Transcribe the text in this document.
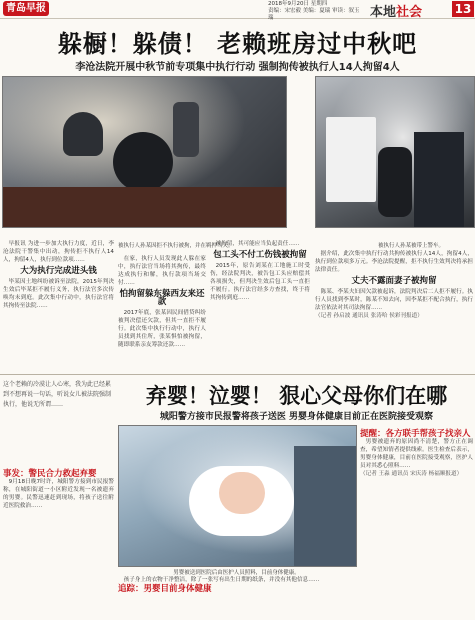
青岛早报	2018年9月20日 星期四
责编：宋宏毅 美编：夏瑞 审读：叙玉瑞	本地社会	13
躲橱！躲债！ 老赖班房过中秋吧
李沧法院开展中秋节前专项集中执行行动 强制拘传被执行人14人拘留4人
被执行人孙某因拒不执行被拘，并在羁押当天。	被执行人孙某被带上警车。

早报讯 为进一步加大执行力度，近日，李沧法院干警集中出动，拘传拒不执行人14人，拘留4人，执行到位款项……

大为执行完成进头钱

毕某因土地纠纷被诉至法院，2015年判决生效后毕某拒不履行义务，执行法官多次传唤均未到庭。此次集中行动中，执行法官将其拘传至法院……

在家，执行人员发现此人躲在家中，执行法官当场将其拘传，最终达成执行和解，执行款项当场交付……

怕拘留躲东躲西友来还款

2017年底，张某因民间借贷纠纷被判决偿还欠款，但其一直拒不履行。此次集中执行行动中，执行人员找到其住所，张某惧怕被拘留，随即联系亲友筹款还款……

被拘留，其可能应当负起责任……

包工头不付工伤钱被拘留

2015年，原告刘某在工地施工时受伤，经法院判决，被告包工头应赔偿其各项损失，但判决生效后包工头一直拒不履行。执行法官经多方查找，终于将其拘传到庭……

据介绍，此次集中执行行动共拘传被执行人14人，拘留4人，执行到位款项多万元。李沧法院提醒，拒不执行生效判决将承担法律责任。

丈夫不露面妻子被拘留

陈某、李某夫妇因欠款被起诉，法院判决后二人拒不履行。执行人员找到李某时，陈某不知去向，因李某拒不配合执行，执行法官依法对其司法拘留……

（记者 孙启波 通讯员 张涛哈 侯彩刊报道）
这个老赖的冷漠让人心寒，我为此已经累到不想再说一句话，听说女儿被法院强制执行，他说无所谓……	弃婴！泣婴！ 狠心父母你们在哪
城阳警方接市民报警将孩子送医 男婴身体健康目前正在医院接受观察
事发：警民合力救起弃婴

9月18日晚7时许，城阳警方接到市民报警称，在城阳街道一小区附近发现一名被遗弃的男婴。民警迅速赶到现场，将孩子送往附近医院救治……

男婴被送到医院后由医护人员照料，目前身体健康。

孩子身上的衣物干净整洁，除了一张写有出生日期的纸条，并没有其他信息……

追踪：男婴目前身体健康
提醒：各方联手帮孩子找亲人

男婴被遗弃的原因尚不清楚，警方正在调查，希望知情者提供线索。医生检查后表示，男婴身体健康，目前在医院接受观察，医护人员对其悉心照料……

（记者 王淼 通讯员 宋庆涛 杨福顺报道）
